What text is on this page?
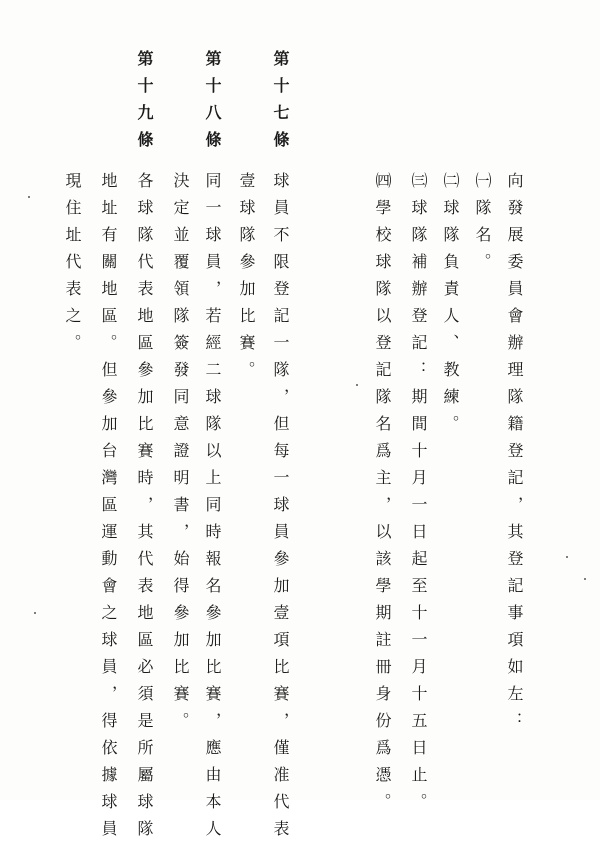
向發展委員會辦理隊籍登記，其登記事項如左：
㈠隊名。
㈡球隊負責人、教練。
㈢球隊補辦登記：期間十月一日起至十一月十五日止。
㈣學校球隊以登記隊名爲主，以該學期註冊身份爲憑。
第十七條
球員不限登記一隊，但每一球員參加壹項比賽，僅准代表
壹球隊參加比賽。
第十八條
同一球員，若經二球隊以上同時報名參加比賽，應由本人
決定並覆領隊簽發同意證明書，始得參加比賽。
第十九條
各球隊代表地區參加比賽時，其代表地區必須是所屬球隊
地址有關地區。但參加台灣區運動會之球員，得依據球員
現住址代表之。
